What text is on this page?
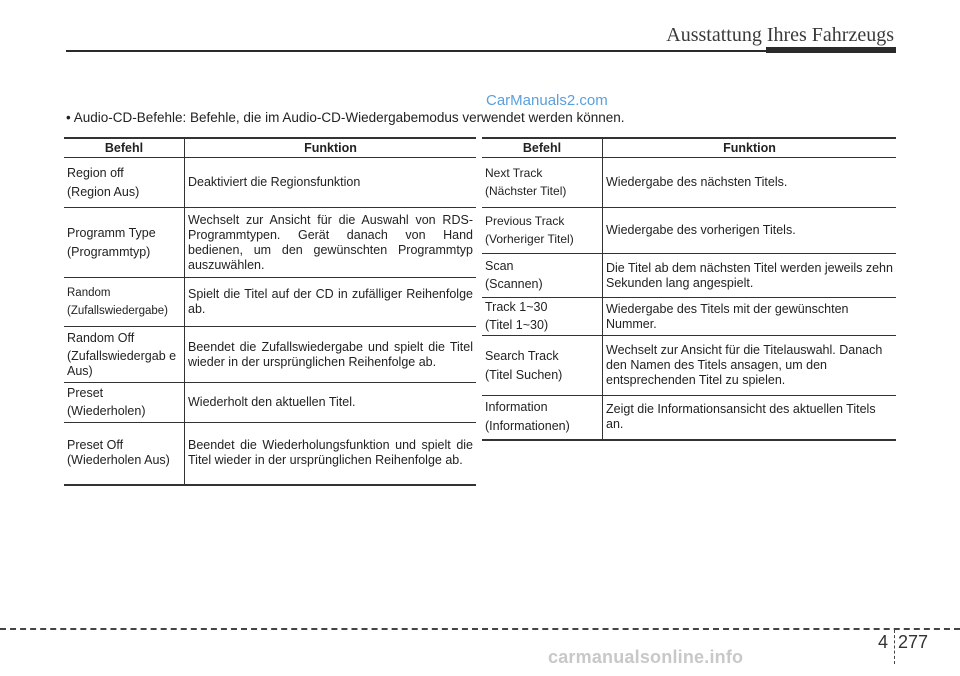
Ausstattung Ihres Fahrzeugs
CarManuals2.com
• Audio-CD-Befehle: Befehle, die im Audio-CD-Wiedergabemodus verwendet werden können.
Befehl	Funktion

Region off
(Region Aus)	Deaktiviert die Regionsfunktion

Programm Type
(Programmtyp)	Wechselt zur Ansicht für die Auswahl von RDS-Programmtypen. Gerät danach von Hand bedienen, um den gewünschten Programmtyp auszuwählen.

Random
(Zufallswiedergabe)	Spielt die Titel auf der CD in zufälliger Reihenfolge ab.

Random Off
(Zufallswiedergab e Aus)	Beendet die Zufallswiedergabe und spielt die Titel wieder in der ursprünglichen Reihenfolge ab.

Preset
(Wiederholen)	Wiederholt den aktuellen Titel.

Preset Off
(Wiederholen Aus)	Beendet die Wiederholungsfunktion und spielt die Titel wieder in der ursprünglichen Reihenfolge ab.
Befehl	Funktion

Next Track
(Nächster Titel)	Wiedergabe des nächsten Titels.

Previous Track
(Vorheriger Titel)	Wiedergabe des vorherigen Titels.

Scan
(Scannen)	Die Titel ab dem nächsten Titel werden jeweils zehn Sekunden lang angespielt.

Track 1~30
(Titel 1~30)	Wiedergabe des Titels mit der gewünschten Nummer.

Search Track
(Titel Suchen)	Wechselt zur Ansicht für die Titelauswahl. Danach den Namen des Titels ansagen, um den entsprechenden Titel zu spielen.

Information
(Informationen)	Zeigt die Informationsansicht des aktuellen Titels an.
4 277
carmanualsonline.info
